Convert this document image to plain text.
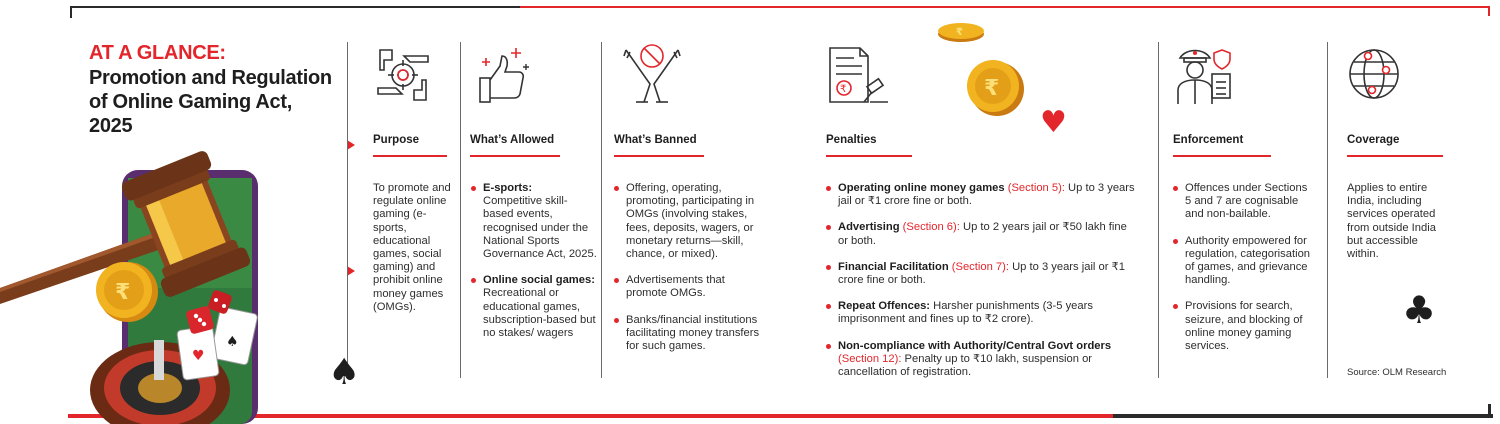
AT A GLANCE:
Promotion and Regulation of Online Gaming Act, 2025
♥
♠
₹
Purpose
To promote and regulate online gaming (e-sports, educational games, social gaming) and prohibit online money games (OMGs).
♠
What’s Allowed
E-sports:
Competitive skill-based events, recognised under the National Sports Governance Act, 2025.
Online social games:
Recreational or educational games, subscription-based but no stakes/ wagers
What’s Banned
Offering, operating, promoting, participating in OMGs (involving stakes, fees, deposits, wagers, or monetary returns—skill, chance, or mixed).
Advertisements that promote OMGs.
Banks/financial institutions facilitating money transfers for such games.
₹
Penalties
Operating online money games (Section 5): Up to 3 years jail or ₹1 crore fine or both.
Advertising (Section 6): Up to 2 years jail or ₹50 lakh fine or both.
Financial Facilitation (Section 7): Up to 3 years jail or ₹1 crore fine or both.
Repeat Offences: Harsher punishments (3-5 years imprisonment and fines up to ₹2 crore).
Non-compliance with Authority/Central Govt orders (Section 12): Penalty up to ₹10 lakh, suspension or cancellation of registration.
₹
₹
♥	Enforcement
Offences under Sections 5 and 7 are cognisable and non-bailable.
Authority empowered for regulation, categorisation of games, and grievance handling.
Provisions for search, seizure, and blocking of online money gaming services.
Coverage
Applies to entire India, including services operated from outside India but accessible within.
♣
Source: OLM Research
